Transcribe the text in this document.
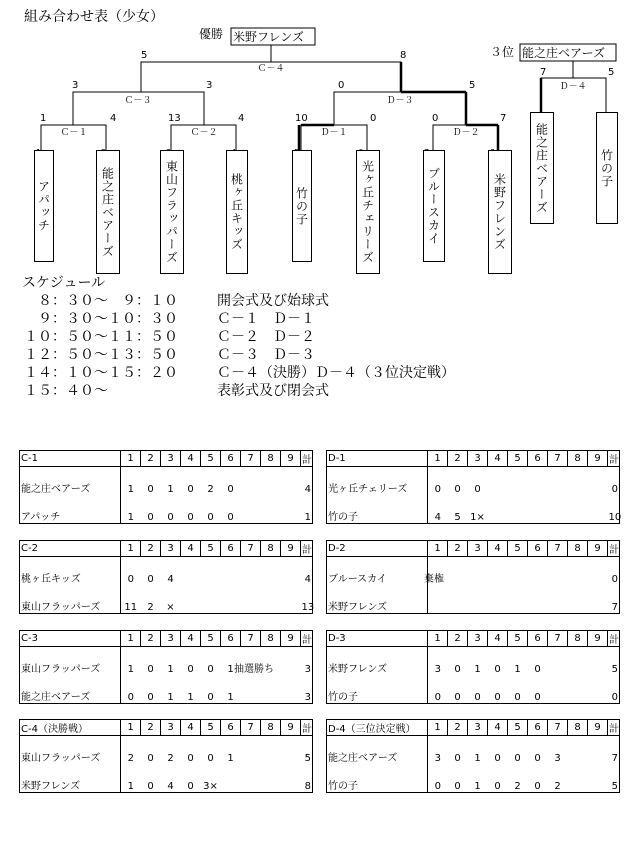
組み合わせ表（少女）
優勝 米野フレンズ
３位 能之庄ベアーズ
Ｃ－１	Ｃ－２	Ｄ－１	Ｄ－２
Ｃ－３	Ｄ－３
Ｃ－４
Ｄ－４
1	4	13	4	10	0	0	7
3	3	0	5
5	8
7	5
アパッチ	能之庄ベアーズ	東山フラッパーズ	桃ヶ丘キッズ	竹の子	光ヶ丘チェリーズ	ブルースカイ	米野フレンズ	能之庄ベアーズ	竹の子
スケジュール

　８：３０～　９：１０

	開会式及び始球式

　９：３０～１０：３０

	Ｃ－１　Ｄ－１

１０：５０～１１：５０

	Ｃ－２　Ｄ－２

１２：５０～１３：５０

	Ｃ－３　Ｄ－３

１４：１０～１５：２０

	Ｃ－４（決勝）Ｄ－４（３位決定戦）

１５：４０～

	表彰式及び閉会式

C-1	1	2	3	4	5	6	7	8	9	計
能之庄ベアーズ	1	0	1	0	2	0				4
アパッチ	1	0	0	0	0	0				1
D-1	1	2	3	4	5	6	7	8	9	計
光ヶ丘チェリーズ	0	0	0							0
竹の子	4	5	1×							10
C-2	1	2	3	4	5	6	7	8	9	計
桃ヶ丘キッズ	0	0	4							4
東山フラッパーズ	11	2	×							13
D-2	1	2	3	4	5	6	7	8	9	計
ブルースカイ										0
米野フレンズ										7
棄権
C-3	1	2	3	4	5	6	7	8	9	計
東山フラッパーズ	1	0	1	0	0	1				3
能之庄ベアーズ	0	0	1	1	0	1				3
抽選勝ち
D-3	1	2	3	4	5	6	7	8	9	計
米野フレンズ	3	0	1	0	1	0				5
竹の子	0	0	0	0	0	0				0
C-4（決勝戦）	1	2	3	4	5	6	7	8	9	計
東山フラッパーズ	2	0	2	0	0	1				5
米野フレンズ	1	0	4	0	3×					8
D-4（三位決定戦）	1	2	3	4	5	6	7	8	9	計
能之庄ベアーズ	3	0	1	0	0	0	3			7
竹の子	0	0	1	0	2	0	2			5
